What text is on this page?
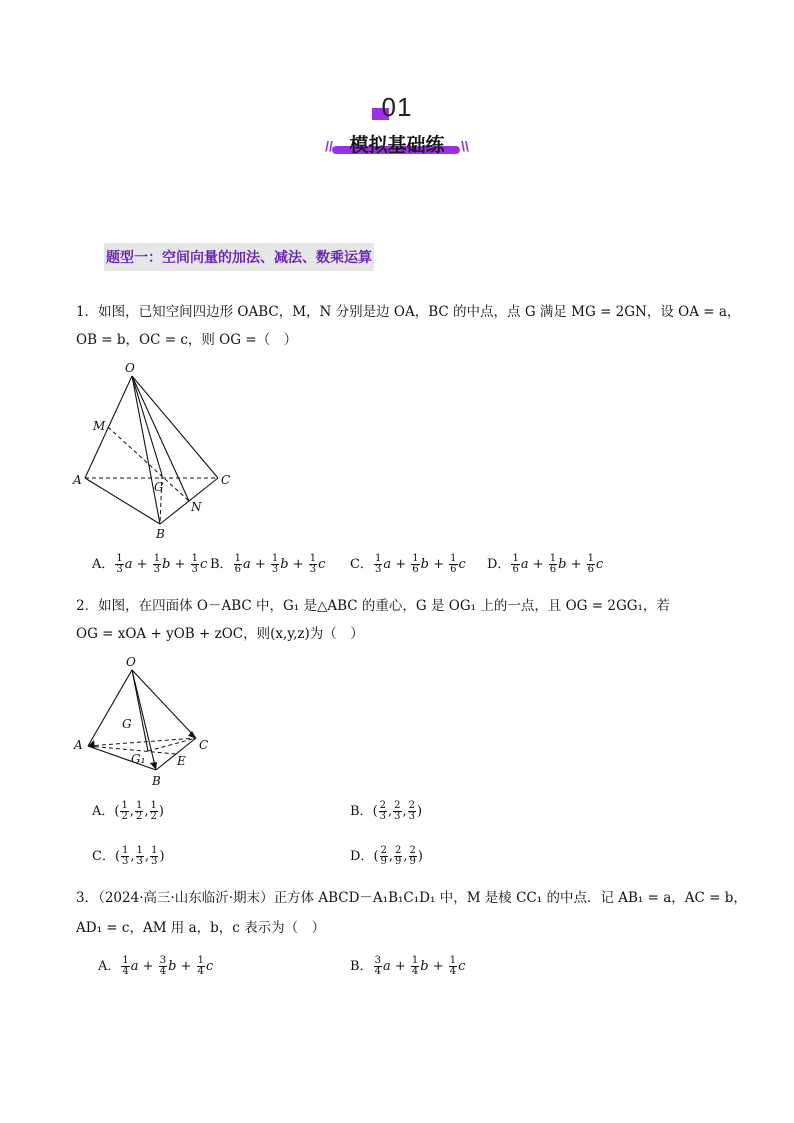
01
// 模拟基础练 \\
题型一：空间向量的加法、减法、数乘运算
1．如图，已知空间四边形 OABC，M，N 分别是边 OA，BC 的中点，点 G 满足 MG = 2GN，设 OA = a，
OB = b，OC = c，则 OG =（　）
O
M
A	G	C
N
B
A． $\frac{1}{3}$ $a + \frac{1}{3}$ $b + \frac{1}{3}$ c B． $\frac{1}{6}$ $a + \frac{1}{3}$ $b + \frac{1}{3}$ c C． $\frac{1}{3}$ $a + \frac{1}{6}$ $b + \frac{1}{6}$ c D． $\frac{1}{6}$ $a + \frac{1}{6}$ $b + \frac{1}{6}$ c
2．如图，在四面体 O－ABC 中，G₁ 是△ABC 的重心，G 是 OG₁ 上的一点，且 OG = 2GG₁，若
OG = xOA + yOB + zOC，则(x,y,z)为（　）
O
G
A	C
G₁	E
B
A．( $\frac{1}{2}$ , $\frac{1}{2}$ , $\frac{1}{2}$ )	B．( $\frac{2}{3}$ , $\frac{2}{3}$ , $\frac{2}{3}$ )
C．( $\frac{1}{3}$ , $\frac{1}{3}$ , $\frac{1}{3}$ )	D．( $\frac{2}{9}$ , $\frac{2}{9}$ , $\frac{2}{9}$ )
3．（2024·高三·山东临沂·期末）正方体 ABCD－A₁B₁C₁D₁ 中，M 是棱 CC₁ 的中点．记 AB₁ = a，AC = b，
AD₁ = c，AM 用 a，b，c 表示为（　）
A． $\frac{1}{4}$ $a + \frac{3}{4}$ $b + \frac{1}{4}$ c	B． $\frac{3}{4}$ $a + \frac{1}{4}$ $b + \frac{1}{4}$ c
